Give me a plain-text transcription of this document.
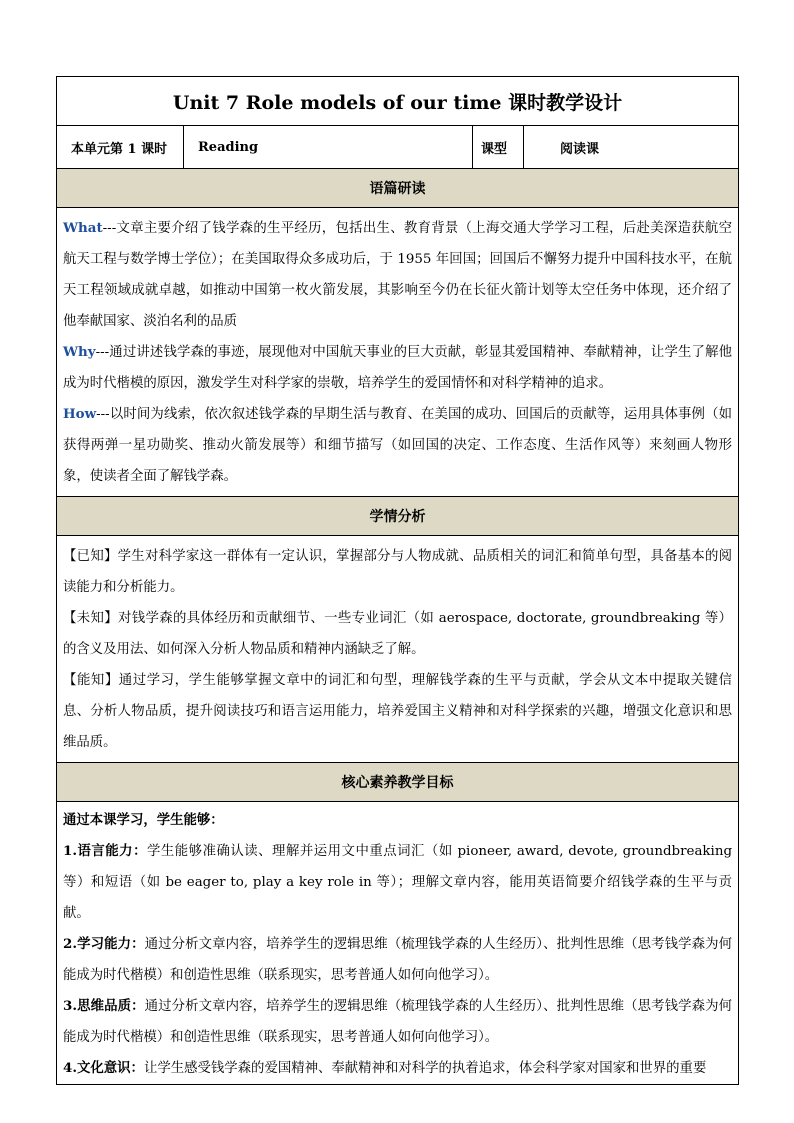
Unit 7 Role models of our time 课时教学设计
本单元第 1 课时	Reading	课型	阅读课
语篇研读

What---文章主要介绍了钱学森的生平经历，包括出生、教育背景（上海交通大学学习工程，后赴美深造获航空航天工程与数学博士学位）；在美国取得众多成功后，于 1955 年回国；回国后不懈努力提升中国科技水平，在航天工程领域成就卓越，如推动中国第一枚火箭发展，其影响至今仍在长征火箭计划等太空任务中体现，还介绍了他奉献国家、淡泊名利的品质

Why---通过讲述钱学森的事迹，展现他对中国航天事业的巨大贡献，彰显其爱国精神、奉献精神，让学生了解他成为时代楷模的原因，激发学生对科学家的崇敬，培养学生的爱国情怀和对科学精神的追求。

How---以时间为线索，依次叙述钱学森的早期生活与教育、在美国的成功、回国后的贡献等，运用具体事例（如获得两弹一星功勋奖、推动火箭发展等）和细节描写（如回国的决定、工作态度、生活作风等）来刻画人物形象，使读者全面了解钱学森。

学情分析

【已知】学生对科学家这一群体有一定认识，掌握部分与人物成就、品质相关的词汇和简单句型，具备基本的阅读能力和分析能力。

【未知】对钱学森的具体经历和贡献细节、一些专业词汇（如 aerospace, doctorate, groundbreaking 等）的含义及用法、如何深入分析人物品质和精神内涵缺乏了解。

【能知】通过学习，学生能够掌握文章中的词汇和句型，理解钱学森的生平与贡献，学会从文本中提取关键信息、分析人物品质，提升阅读技巧和语言运用能力，培养爱国主义精神和对科学探索的兴趣，增强文化意识和思维品质。

核心素养教学目标

通过本课学习，学生能够：

1.语言能力：学生能够准确认读、理解并运用文中重点词汇（如 pioneer, award, devote, groundbreaking 等）和短语（如 be eager to, play a key role in 等）；理解文章内容，能用英语简要介绍钱学森的生平与贡献。

2.学习能力：通过分析文章内容，培养学生的逻辑思维（梳理钱学森的人生经历）、批判性思维（思考钱学森为何能成为时代楷模）和创造性思维（联系现实，思考普通人如何向他学习）。

3.思维品质：通过分析文章内容，培养学生的逻辑思维（梳理钱学森的人生经历）、批判性思维（思考钱学森为何能成为时代楷模）和创造性思维（联系现实，思考普通人如何向他学习）。

4.文化意识：让学生感受钱学森的爱国精神、奉献精神和对科学的执着追求，体会科学家对国家和世界的重要
